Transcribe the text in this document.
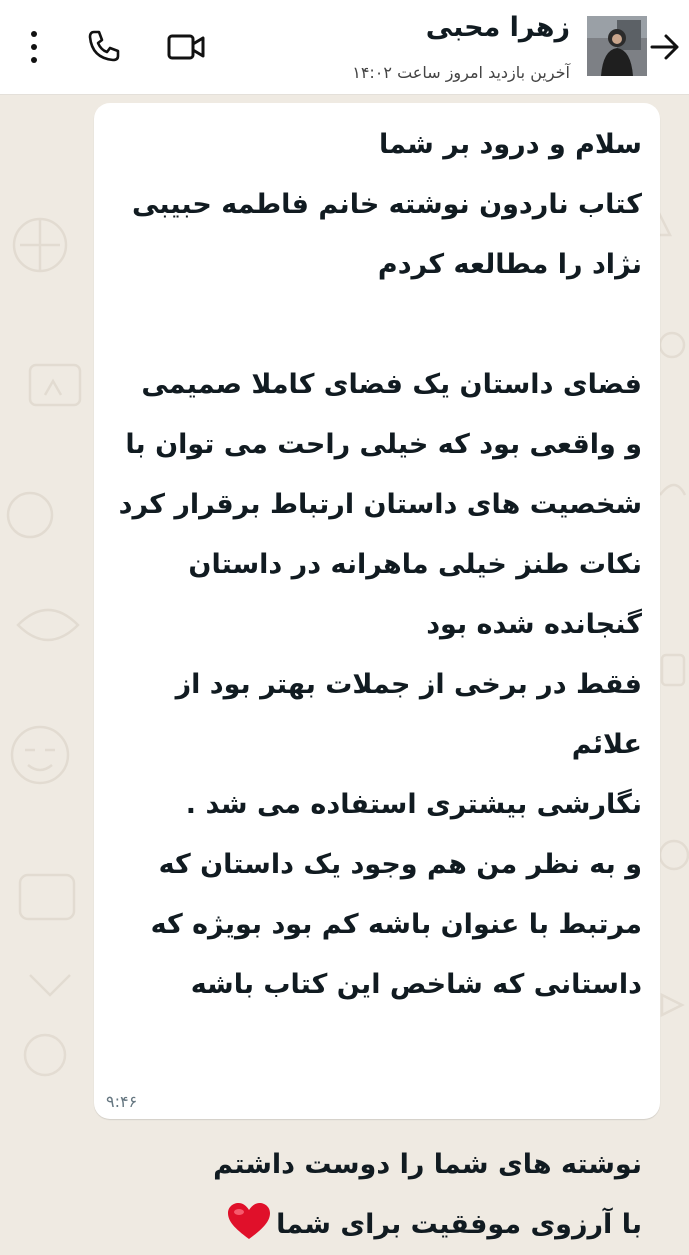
زهرا محبی
آخرین بازدید امروز ساعت ۱۴:۰۲
سلام و درود بر شما
کتاب ناردون نوشته خانم فاطمه حبیبی
نژاد را مطالعه کردم

فضای داستان یک فضای کاملا صمیمی
و واقعی بود که خیلی راحت می توان با
شخصیت های داستان ارتباط برقرار کرد
نکات طنز خیلی ماهرانه در داستان
گنجانده شده بود
فقط در برخی از جملات بهتر بود از علائم
نگارشی بیشتری استفاده می شد .
و به نظر من هم وجود یک داستان که
مرتبط با عنوان باشه کم بود بویژه که
داستانی که شاخص این کتاب باشه

نوشته های شما را دوست داشتم
با آرزوی موفقیت برای شما
۹:۴۶
